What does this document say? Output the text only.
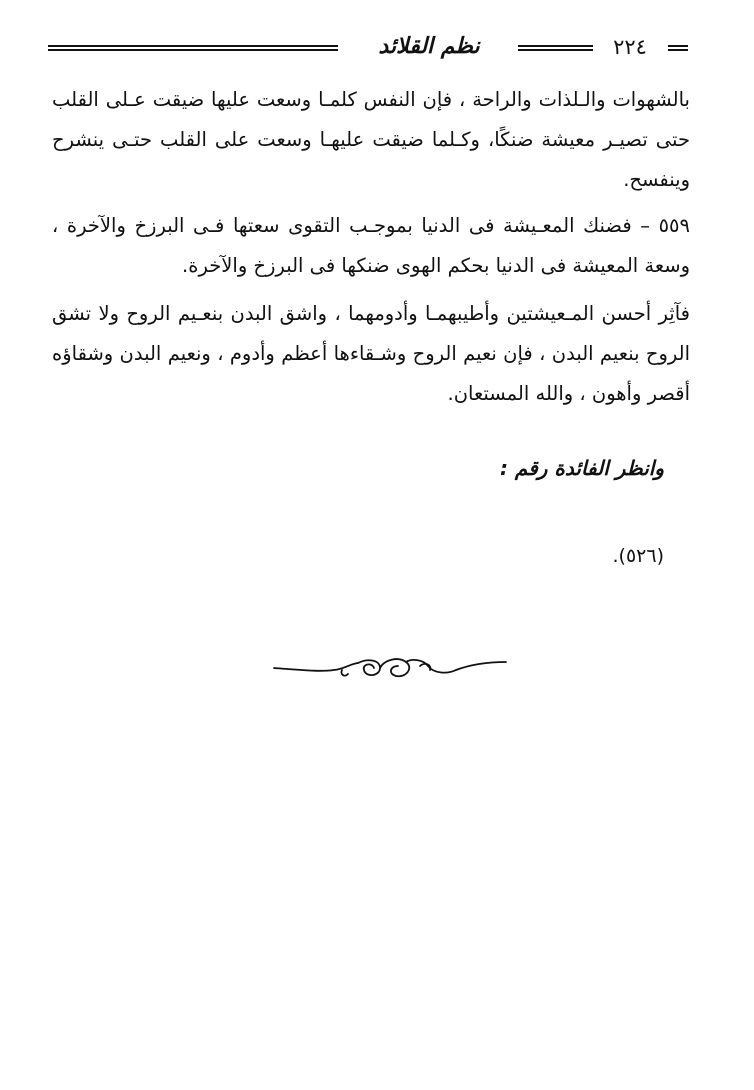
نظم القلائد	٢٢٤

بالشهوات والـلذات والراحة ، فإن النفس كلمـا وسعت عليها ضيقت عـلى القلب حتى تصيـر معيشة ضنكًا، وكـلما ضيقت عليهـا وسعت على القلب حتـى ينشرح وينفسح.

٥٥٩ – فضنك المعـيشة فى الدنيا بموجـب التقوى سعتها فـى البرزخ والآخرة ، وسعة المعيشة فى الدنيا بحكم الهوى ضنكها فى البرزخ والآخرة.

فآثِر أحسن المـعيشتين وأطيبهمـا وأدومهما ، واشق البدن بنعـيم الروح ولا تشق الروح بنعيم البدن ، فإن نعيم الروح وشـقاءها أعظم وأدوم ، ونعيم البدن وشقاؤه أقصر وأهون ، والله المستعان.

وانظر الفائدة رقم :
(٥٢٦).
